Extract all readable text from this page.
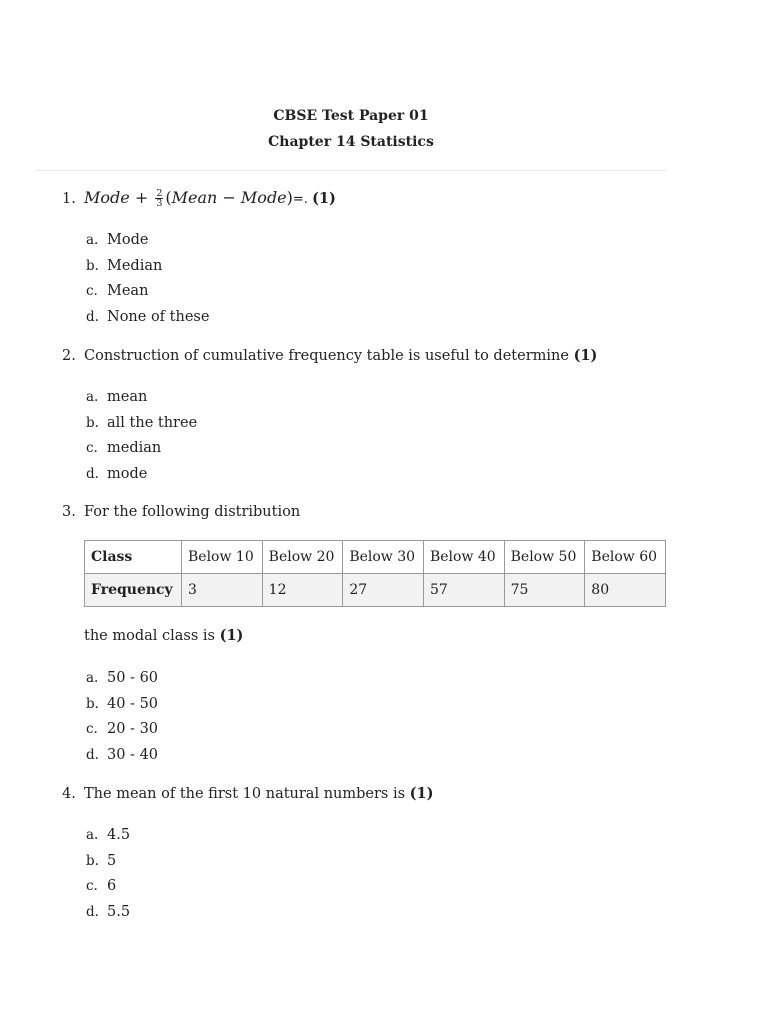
CBSE Test Paper 01
Chapter 14 Statistics
1. Mode + $\frac{2}{3}$ (Mean − Mode)=. (1)
a. Mode
b. Median
c. Mean
d. None of these
2. Construction of cumulative frequency table is useful to determine (1)
a. mean
b. all the three
c. median
d. mode
3. For the following distribution
Class	Below 10	Below 20	Below 30	Below 40	Below 50	Below 60
Frequency	3	12	27	57	75	80
the modal class is (1)
a. 50 - 60
b. 40 - 50
c. 20 - 30
d. 30 - 40
4. The mean of the first 10 natural numbers is (1)
a. 4.5
b. 5
c. 6
d. 5.5
